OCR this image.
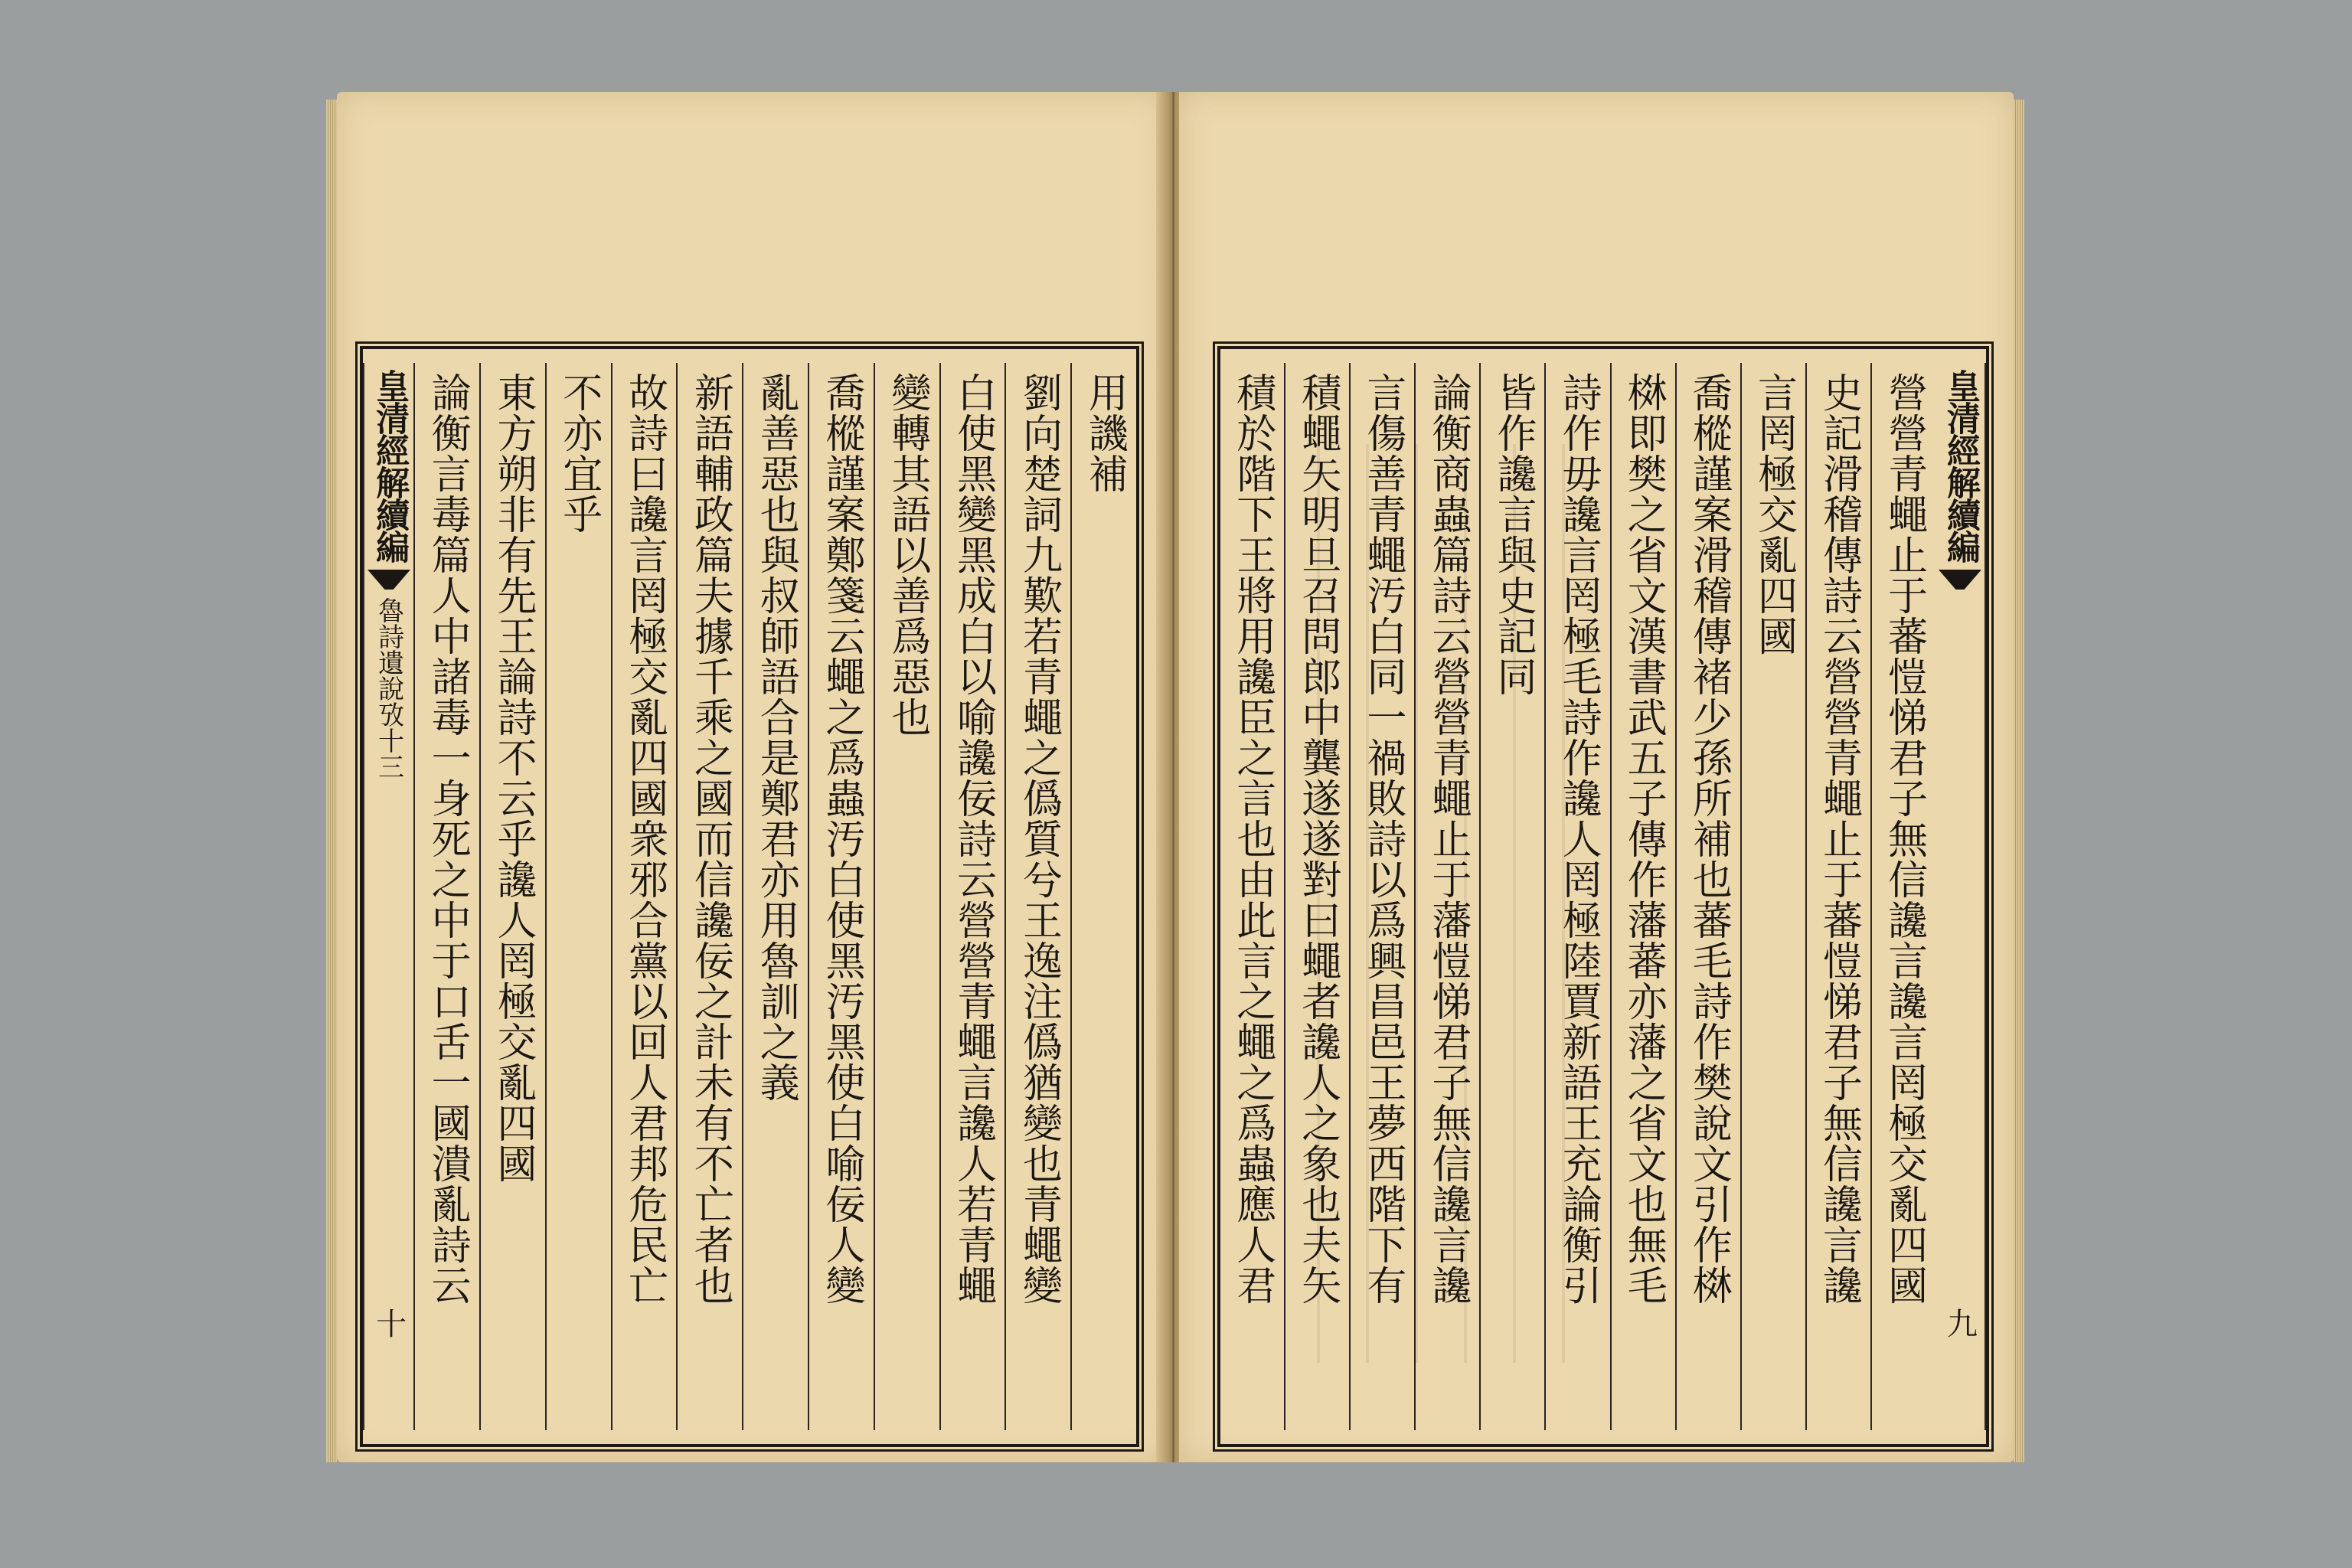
用譏補
劉向楚詞九歎若青蠅之僞質兮王逸注僞猶變也青蠅變
白使黑變黑成白以喻讒佞詩云營營青蠅言讒人若青蠅
變轉其語以善爲惡也
喬樅謹案鄭箋云蠅之爲蟲汚白使黑汚黑使白喻佞人變
亂善惡也與叔師語合是鄭君亦用魯訓之義
新語輔政篇夫據千乘之國而信讒佞之計未有不亡者也
故詩曰讒言罔極交亂四國衆邪合黨以回人君邦危民亡
不亦宜乎
東方朔非有先王論詩不云乎讒人罔極交亂四國
論衡言毒篇人中諸毒一身死之中于口舌一國潰亂詩云
皇清經解續編
魯詩遺說攷十三
十
皇清經解續編
九
營營青蠅止于蕃愷悌君子無信讒言讒言罔極交亂四國
史記滑稽傳詩云營營青蠅止于蕃愷悌君子無信讒言讒
言罔極交亂四國
喬樅謹案滑稽傳褚少孫所補也蕃毛詩作樊說文引作棥
棥即樊之省文漢書武五子傳作藩蕃亦藩之省文也無毛
詩作毋讒言罔極毛詩作讒人罔極陸賈新語王充論衡引
皆作讒言與史記同
論衡商蟲篇詩云營營青蠅止于藩愷悌君子無信讒言讒
言傷善青蠅汚白同一禍敗詩以爲興昌邑王夢西階下有
積蠅矢明旦召問郎中龔遂遂對曰蠅者讒人之象也夫矢
積於階下王將用讒臣之言也由此言之蠅之爲蟲應人君
